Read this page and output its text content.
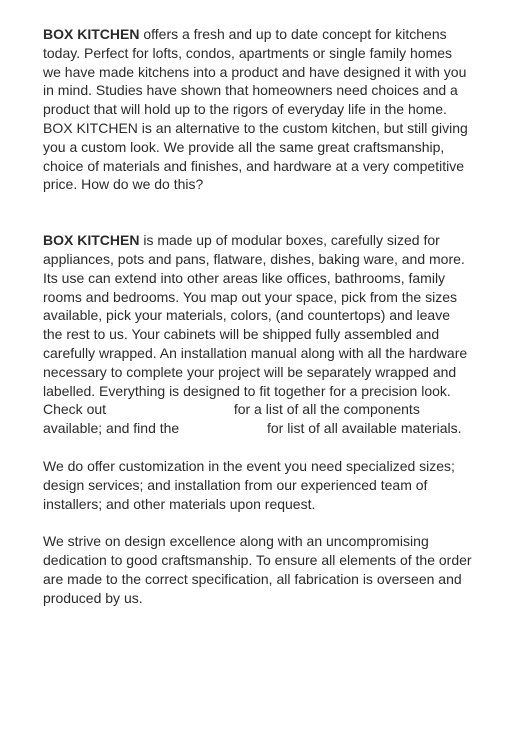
BOX KITCHEN offers a fresh and up to date concept for kitchens today. Perfect for lofts, condos, apartments or single family homes we have made kitchens into a product and have designed it with you in mind. Studies have shown that homeowners need choices and a product that will hold up to the rigors of everyday life in the home. BOX KITCHEN is an alternative to the custom kitchen, but still giving you a custom look. We provide all the same great craftsmanship, choice of materials and finishes, and hardware at a very competitive price. How do we do this?

BOX KITCHEN is made up of modular boxes, carefully sized for appliances, pots and pans, flatware, dishes, baking ware, and more. Its use can extend into other areas like offices, bathrooms, family rooms and bedrooms. You map out your space, pick from the sizes available, pick your materials, colors, (and countertops) and leave the rest to us. Your cabinets will be shipped fully assembled and carefully wrapped. An installation manual along with all the hardware necessary to complete your project will be separately wrapped and labelled. Everything is designed to fit together for a precision look. Check out	for a list of all the components available; and find the	for list of all available materials.

We do offer customization in the event you need specialized sizes; design services; and installation from our experienced team of installers; and other materials upon request.

We strive on design excellence along with an uncompromising dedication to good craftsmanship. To ensure all elements of the order are made to the correct specification, all fabrication is overseen and produced by us.
